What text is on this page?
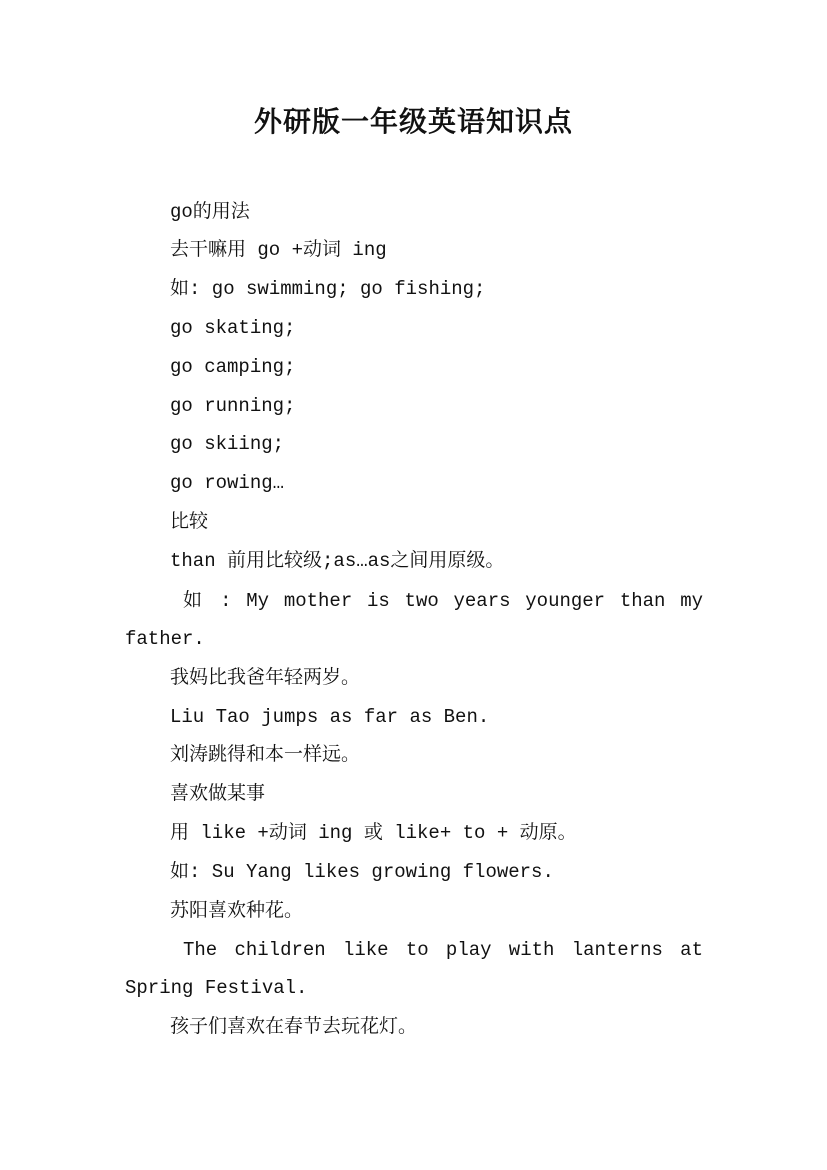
外研版一年级英语知识点
go的用法
去干嘛用 go +动词 ing
如: go swimming; go fishing;
go skating;
go camping;
go running;
go skiing;
go rowing…
比较
than 前用比较级;as…as之间用原级。
如 : My mother is two years younger than my
father.
我妈比我爸年轻两岁。
Liu Tao jumps as far as Ben.
刘涛跳得和本一样远。
喜欢做某事
用 like +动词 ing 或 like+ to + 动原。
如: Su Yang likes growing flowers.
苏阳喜欢种花。
The children like to play with lanterns at
Spring Festival.
孩子们喜欢在春节去玩花灯。
